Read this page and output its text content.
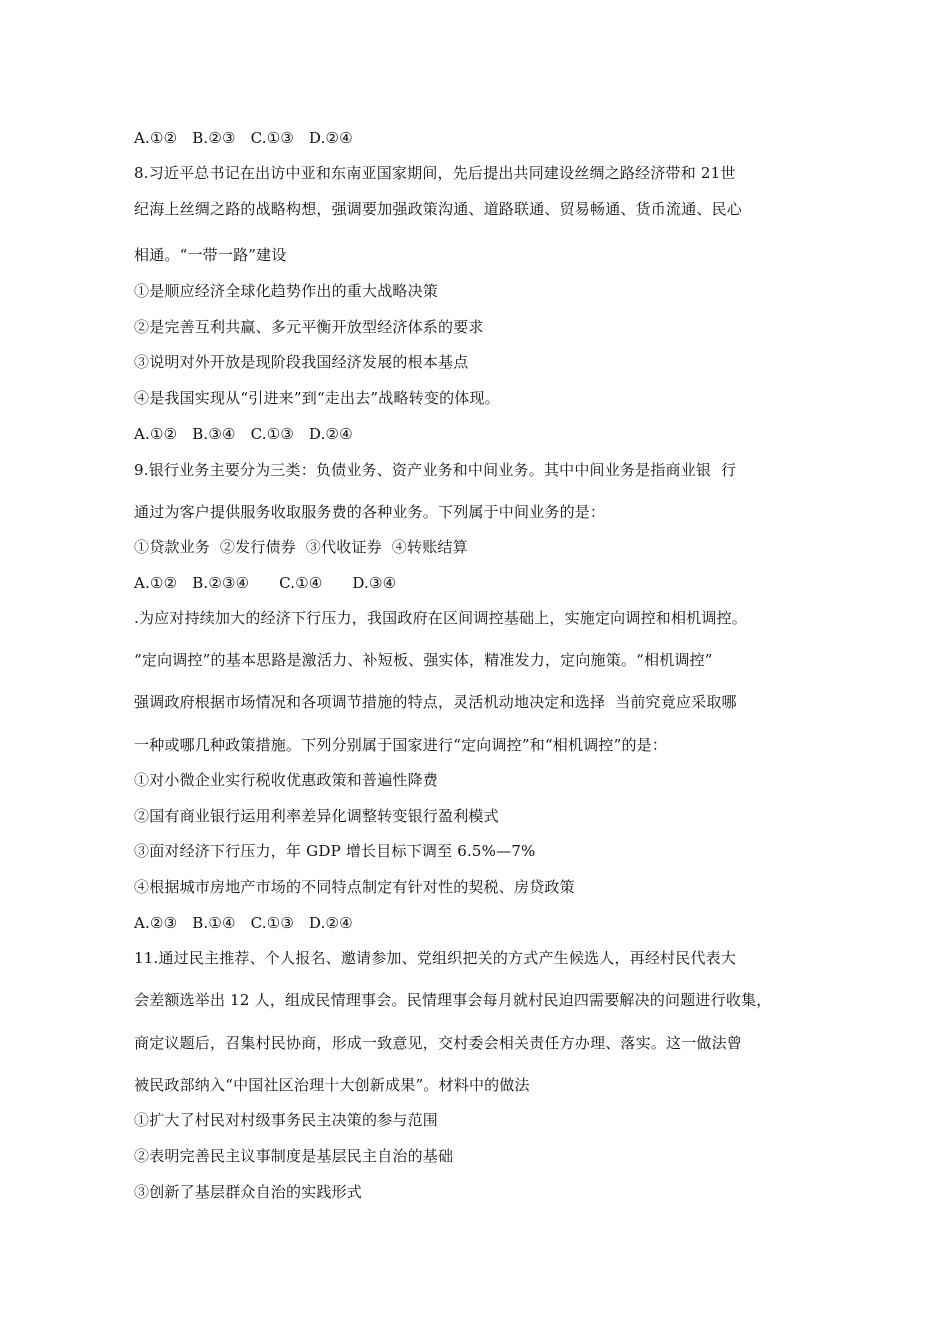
A.①②   B.②③   C.①③   D.②④
8.习近平总书记在出访中亚和东南亚国家期间，先后提出共同建设丝绸之路经济带和 21世
纪海上丝绸之路的战略构想，强调要加强政策沟通、道路联通、贸易畅通、货币流通、民心
相通。“一带一路”建设
①是顺应经济全球化趋势作出的重大战略决策
②是完善互利共赢、多元平衡开放型经济体系的要求
③说明对外开放是现阶段我国经济发展的根本基点
④是我国实现从“引进来”到“走出去”战略转变的体现。
A.①②   B.③④   C.①③   D.②④
9.银行业务主要分为三类：负债业务、资产业务和中间业务。其中中间业务是指商业银  行
通过为客户提供服务收取服务费的各种业务。下列属于中间业务的是：
①贷款业务  ②发行债券  ③代收证券  ④转账结算
A.①②   B.②③④      C.①④      D.③④
.为应对持续加大的经济下行压力，我国政府在区间调控基础上，实施定向调控和相机调控。
“定向调控”的基本思路是激活力、补短板、强实体，精准发力，定向施策。“相机调控”
强调政府根据市场情况和各项调节措施的特点，灵活机动地决定和选择  当前究竟应采取哪
一种或哪几种政策措施。下列分别属于国家进行“定向调控”和“相机调控”的是：
①对小微企业实行税收优惠政策和普遍性降费
②国有商业银行运用利率差异化调整转变银行盈利模式
③面对经济下行压力，年 GDP 增长目标下调至 6.5%—7%
④根据城市房地产市场的不同特点制定有针对性的契税、房贷政策
A.②③   B.①④   C.①③   D.②④
11.通过民主推荐、个人报名、邀请参加、党组织把关的方式产生候选人，再经村民代表大
会差额选举出 12 人，组成民情理事会。民情理事会每月就村民迫四需要解决的问题进行收集，
商定议题后，召集村民协商，形成一致意见，交村委会相关责任方办理、落实。这一做法曾
被民政部纳入“中国社区治理十大创新成果”。材料中的做法
①扩大了村民对村级事务民主决策的参与范围
②表明完善民主议事制度是基层民主自治的基础
③创新了基层群众自治的实践形式
